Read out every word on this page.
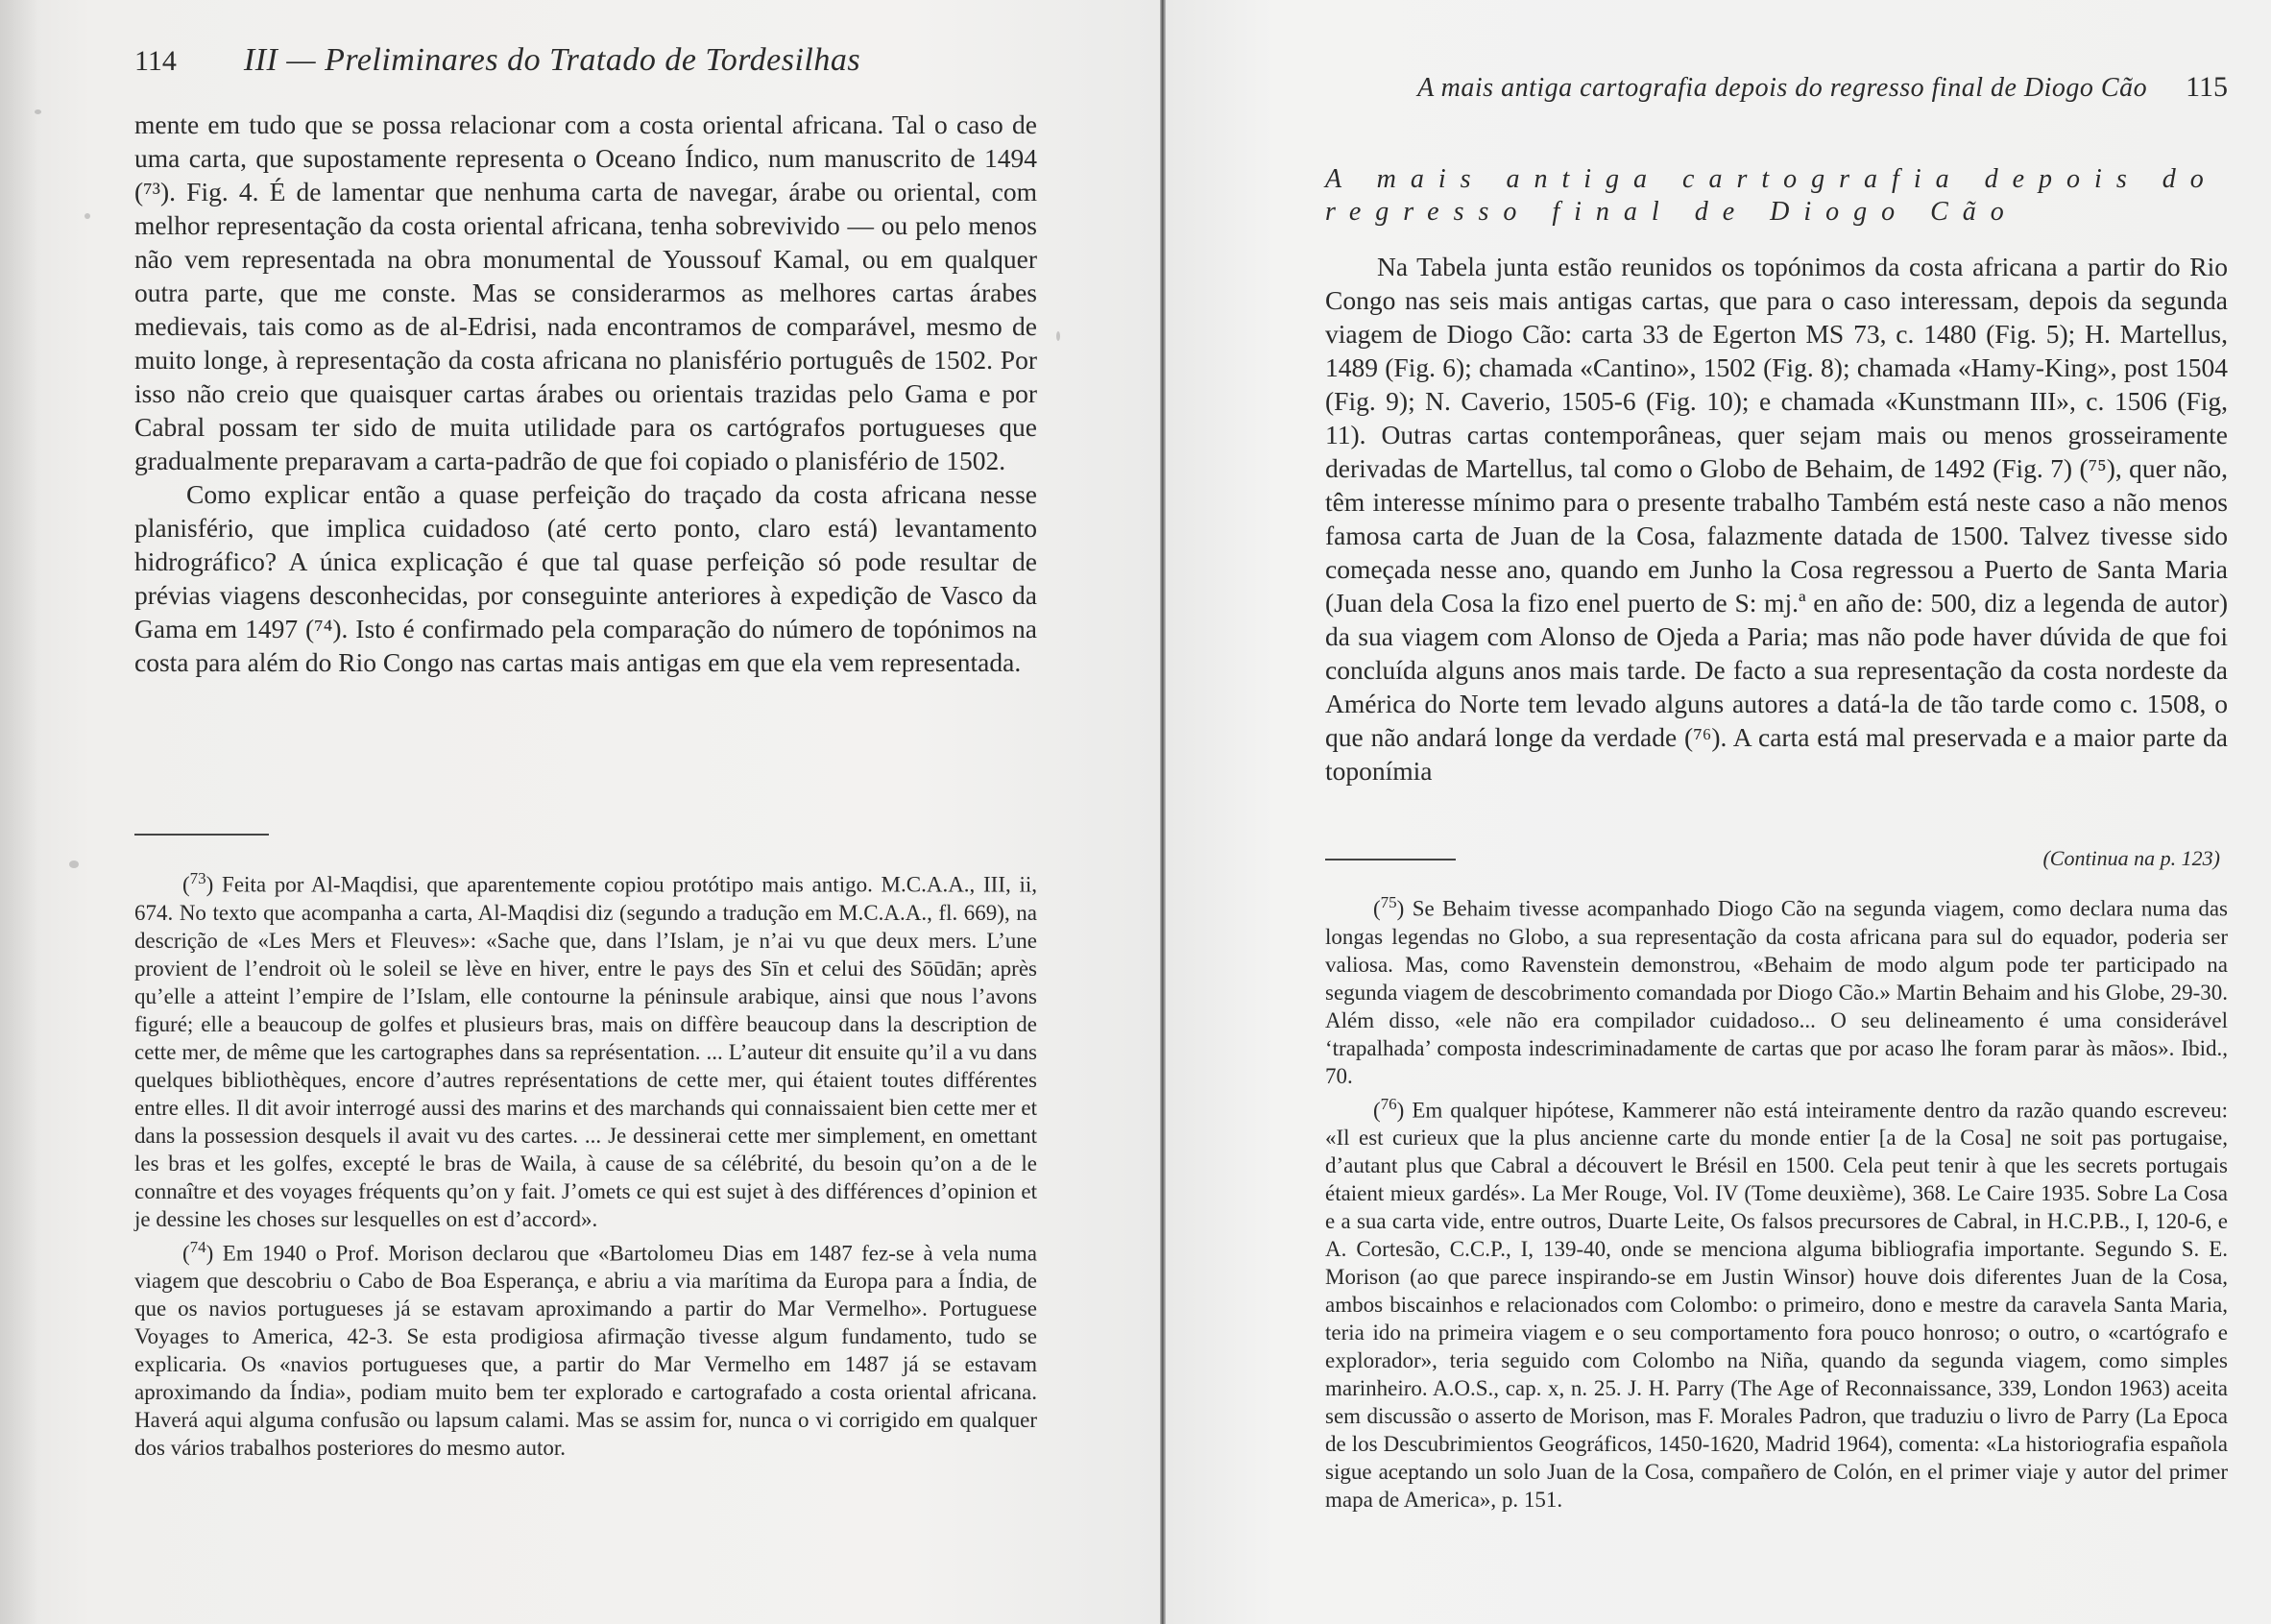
114 III — Preliminares do Tratado de Tordesilhas

mente em tudo que se possa relacionar com a costa oriental africana. Tal o caso de uma carta, que supostamente representa o Oceano Índico, num manuscrito de 1494 (⁷³). Fig. 4. É de lamentar que nenhuma carta de navegar, árabe ou oriental, com melhor representação da costa oriental africana, tenha sobrevivido — ou pelo menos não vem representada na obra monumental de Youssouf Kamal, ou em qualquer outra parte, que me conste. Mas se considerarmos as melhores cartas árabes medievais, tais como as de al-Edrisi, nada encontramos de comparável, mesmo de muito longe, à representação da costa africana no planisfério português de 1502. Por isso não creio que quaisquer cartas árabes ou orientais trazidas pelo Gama e por Cabral possam ter sido de muita utilidade para os cartógrafos portugueses que gradualmente preparavam a carta-padrão de que foi copiado o planisfério de 1502.

Como explicar então a quase perfeição do traçado da costa africana nesse planisfério, que implica cuidadoso (até certo ponto, claro está) levantamento hidrográfico? A única explicação é que tal quase perfeição só pode resultar de prévias viagens desconhecidas, por conseguinte anteriores à expedição de Vasco da Gama em 1497 (⁷⁴). Isto é confirmado pela comparação do número de topónimos na costa para além do Rio Congo nas cartas mais antigas em que ela vem representada.

($^{73}$) Feita por Al-Maqdisi, que aparentemente copiou protótipo mais antigo. M.C.A.A., III, ii, 674. No texto que acompanha a carta, Al-Maqdisi diz (segundo a tradução em M.C.A.A., fl. 669), na descrição de «Les Mers et Fleuves»: «Sache que, dans l’Islam, je n’ai vu que deux mers. L’une provient de l’endroit où le soleil se lève en hiver, entre le pays des Sīn et celui des Sōūdān; après qu’elle a atteint l’empire de l’Islam, elle contourne la péninsule arabique, ainsi que nous l’avons figuré; elle a beaucoup de golfes et plusieurs bras, mais on diffère beaucoup dans la description de cette mer, de même que les cartographes dans sa représentation. ... L’auteur dit ensuite qu’il a vu dans quelques bibliothèques, encore d’autres représentations de cette mer, qui étaient toutes différentes entre elles. Il dit avoir interrogé aussi des marins et des marchands qui connaissaient bien cette mer et dans la possession desquels il avait vu des cartes. ... Je dessinerai cette mer simplement, en omettant les bras et les golfes, excepté le bras de Waila, à cause de sa célébrité, du besoin qu’on a de le connaître et des voyages fréquents qu’on y fait. J’omets ce qui est sujet à des différences d’opinion et je dessine les choses sur lesquelles on est d’accord».

($^{74}$) Em 1940 o Prof. Morison declarou que «Bartolomeu Dias em 1487 fez-se à vela numa viagem que descobriu o Cabo de Boa Esperança, e abriu a via marítima da Europa para a Índia, de que os navios portugueses já se estavam aproximando a partir do Mar Vermelho». Portuguese Voyages to America, 42-3. Se esta prodigiosa afirmação tivesse algum fundamento, tudo se explicaria. Os «navios portugueses que, a partir do Mar Vermelho em 1487 já se estavam aproximando da Índia», podiam muito bem ter explorado e cartografado a costa oriental africana. Haverá aqui alguma confusão ou lapsum calami. Mas se assim for, nunca o vi corrigido em qualquer dos vários trabalhos posteriores do mesmo autor.

A mais antiga cartografia depois do regresso final de Diogo Cão 115

A mais antiga cartografia depois do regresso final de Diogo Cão

Na Tabela junta estão reunidos os topónimos da costa africana a partir do Rio Congo nas seis mais antigas cartas, que para o caso interessam, depois da segunda viagem de Diogo Cão: carta 33 de Egerton MS 73, c. 1480 (Fig. 5); H. Martellus, 1489 (Fig. 6); chamada «Cantino», 1502 (Fig. 8); chamada «Hamy-King», post 1504 (Fig. 9); N. Caverio, 1505-6 (Fig. 10); e chamada «Kunstmann III», c. 1506 (Fig, 11). Outras cartas contemporâneas, quer sejam mais ou menos grosseiramente derivadas de Martellus, tal como o Globo de Behaim, de 1492 (Fig. 7) (⁷⁵), quer não, têm interesse mínimo para o presente trabalho Também está neste caso a não menos famosa carta de Juan de la Cosa, falazmente datada de 1500. Talvez tivesse sido começada nesse ano, quando em Junho la Cosa regressou a Puerto de Santa Maria (Juan dela Cosa la fizo enel puerto de S: mj.ª en año de: 500, diz a legenda de autor) da sua viagem com Alonso de Ojeda a Paria; mas não pode haver dúvida de que foi concluída alguns anos mais tarde. De facto a sua representação da costa nordeste da América do Norte tem levado alguns autores a datá-la de tão tarde como c. 1508, o que não andará longe da verdade (⁷⁶). A carta está mal preservada e a maior parte da toponímia

(Continua na p. 123)

($^{75}$) Se Behaim tivesse acompanhado Diogo Cão na segunda viagem, como declara numa das longas legendas no Globo, a sua representação da costa africana para sul do equador, poderia ser valiosa. Mas, como Ravenstein demonstrou, «Behaim de modo algum pode ter participado na segunda viagem de descobrimento comandada por Diogo Cão.» Martin Behaim and his Globe, 29-30. Além disso, «ele não era compilador cuidadoso... O seu delineamento é uma considerável ‘trapalhada’ composta indescriminadamente de cartas que por acaso lhe foram parar às mãos». Ibid., 70.

($^{76}$) Em qualquer hipótese, Kammerer não está inteiramente dentro da razão quando escreveu: «Il est curieux que la plus ancienne carte du monde entier [a de la Cosa] ne soit pas portugaise, d’autant plus que Cabral a découvert le Brésil en 1500. Cela peut tenir à que les secrets portugais étaient mieux gardés». La Mer Rouge, Vol. IV (Tome deuxième), 368. Le Caire 1935. Sobre La Cosa e a sua carta vide, entre outros, Duarte Leite, Os falsos precursores de Cabral, in H.C.P.B., I, 120-6, e A. Cortesão, C.C.P., I, 139-40, onde se menciona alguma bibliografia importante. Segundo S. E. Morison (ao que parece inspirando-se em Justin Winsor) houve dois diferentes Juan de la Cosa, ambos biscainhos e relacionados com Colombo: o primeiro, dono e mestre da caravela Santa Maria, teria ido na primeira viagem e o seu comportamento fora pouco honroso; o outro, o «cartógrafo e explorador», teria seguido com Colombo na Niña, quando da segunda viagem, como simples marinheiro. A.O.S., cap. x, n. 25. J. H. Parry (The Age of Reconnaissance, 339, London 1963) aceita sem discussão o asserto de Morison, mas F. Morales Padron, que traduziu o livro de Parry (La Epoca de los Descubrimientos Geográficos, 1450-1620, Madrid 1964), comenta: «La historiografia española sigue aceptando un solo Juan de la Cosa, compañero de Colón, en el primer viaje y autor del primer mapa de America», p. 151.
